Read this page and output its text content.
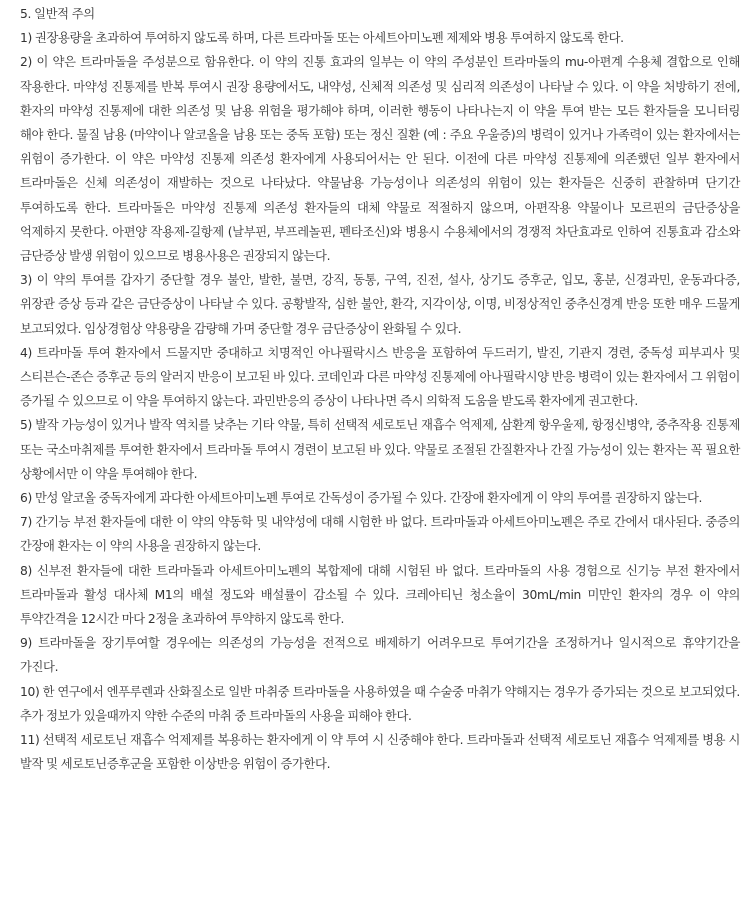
5. 일반적 주의

1) 권장용량을 초과하여 투여하지 않도록 하며, 다른 트라마돌 또는 아세트아미노펜 제제와 병용 투여하지 않도록 한다.

2) 이 약은 트라마돌을 주성분으로 함유한다. 이 약의 진통 효과의 일부는 이 약의 주성분인 트라마돌의 mu-아편계 수용체 결합으로 인해 작용한다. 마약성 진통제를 반복 투여시 권장 용량에서도, 내약성, 신체적 의존성 및 심리적 의존성이 나타날 수 있다. 이 약을 처방하기 전에, 환자의 마약성 진통제에 대한 의존성 및 남용 위험을 평가해야 하며, 이러한 행동이 나타나는지 이 약을 투여 받는 모든 환자들을 모니터링 해야 한다. 물질 남용 (마약이나 알코올을 남용 또는 중독 포함) 또는 정신 질환 (예 : 주요 우울증)의 병력이 있거나 가족력이 있는 환자에서는 위험이 증가한다. 이 약은 마약성 진통제 의존성 환자에게 사용되어서는 안 된다. 이전에 다른 마약성 진통제에 의존했던 일부 환자에서 트라마돌은 신체 의존성이 재발하는 것으로 나타났다. 약물남용 가능성이나 의존성의 위험이 있는 환자들은 신중히 관찰하며 단기간 투여하도록 한다. 트라마돌은 마약성 진통제 의존성 환자들의 대체 약물로 적절하지 않으며, 아편작용 약물이나 모르핀의 금단증상을 억제하지 못한다. 아편양 작용제-길항제 (날부핀, 부프레놀핀, 펜타조신)와 병용시 수용체에서의 경쟁적 차단효과로 인하여 진통효과 감소와 금단증상 발생 위험이 있으므로 병용사용은 권장되지 않는다.

3) 이 약의 투여를 갑자기 중단할 경우 불안, 발한, 불면, 강직, 동통, 구역, 진전, 설사, 상기도 증후군, 입모, 홍분, 신경과민, 운동과다증, 위장관 증상 등과 같은 금단증상이 나타날 수 있다. 공황발작, 심한 불안, 환각, 지각이상, 이명, 비정상적인 중추신경계 반응 또한 매우 드물게 보고되었다. 임상경험상 약용량을 감량해 가며 중단할 경우 금단증상이 완화될 수 있다.

4) 트라마돌 투여 환자에서 드물지만 중대하고 치명적인 아나필락시스 반응을 포함하여 두드러기, 발진, 기관지 경련, 중독성 피부괴사 및 스티븐슨-존슨 증후군 등의 알러지 반응이 보고된 바 있다. 코데인과 다른 마약성 진통제에 아나필락시양 반응 병력이 있는 환자에서 그 위험이 증가될 수 있으므로 이 약을 투여하지 않는다. 과민반응의 증상이 나타나면 즉시 의학적 도움을 받도록 환자에게 권고한다.

5) 발작 가능성이 있거나 발작 역치를 낮추는 기타 약물, 특히 선택적 세로토닌 재흡수 억제제, 삼환계 항우울제, 항정신병약, 중추작용 진통제 또는 국소마취제를 투여한 환자에서 트라마돌 투여시 경련이 보고된 바 있다. 약물로 조절된 간질환자나 간질 가능성이 있는 환자는 꼭 필요한 상황에서만 이 약을 투여해야 한다.

6) 만성 알코올 중독자에게 과다한 아세트아미노펜 투여로 간독성이 증가될 수 있다. 간장애 환자에게 이 약의 투여를 권장하지 않는다.

7) 간기능 부전 환자들에 대한 이 약의 약동학 및 내약성에 대해 시험한 바 없다. 트라마돌과 아세트아미노펜은 주로 간에서 대사된다. 중증의 간장애 환자는 이 약의 사용을 권장하지 않는다.

8) 신부전 환자들에 대한 트라마돌과 아세트아미노펜의 복합제에 대해 시험된 바 없다. 트라마돌의 사용 경험으로 신기능 부전 환자에서 트라마돌과 활성 대사체 M1의 배설 정도와 배설률이 감소될 수 있다. 크레아티닌 청소율이 30mL/min 미만인 환자의 경우 이 약의 투약간격을 12시간 마다 2정을 초과하여 투약하지 않도록 한다.

9) 트라마돌을 장기투여할 경우에는 의존성의 가능성을 전적으로 배제하기 어려우므로 투여기간을 조정하거나 일시적으로 휴약기간을 가진다.

10) 한 연구에서 엔푸루렌과 산화질소로 일반 마취중 트라마돌을 사용하였을 때 수술중 마취가 약해지는 경우가 증가되는 것으로 보고되었다. 추가 정보가 있을때까지 약한 수준의 마취 중 트라마돌의 사용을 피해야 한다.

11) 선택적 세로토닌 재흡수 억제제를 복용하는 환자에게 이 약 투여 시 신중해야 한다. 트라마돌과 선택적 세로토닌 재흡수 억제제를 병용 시 발작 및 세로토닌증후군을 포함한 이상반응 위험이 증가한다.
